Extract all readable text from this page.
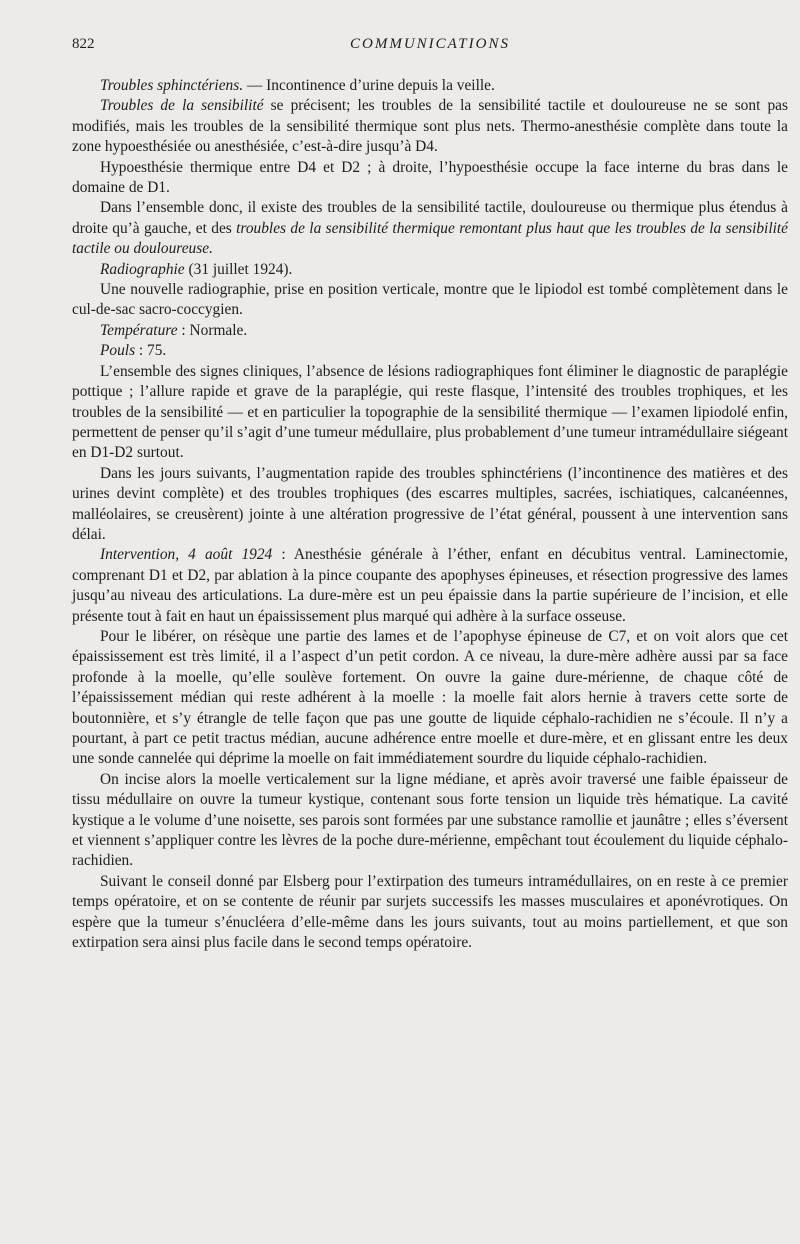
822	COMMUNICATIONS

Troubles sphinctériens. — Incontinence d’urine depuis la veille.

Troubles de la sensibilité se précisent; les troubles de la sensibilité tactile et douloureuse ne se sont pas modifiés, mais les troubles de la sensibilité thermique sont plus nets. Thermo-anesthésie complète dans toute la zone hypoesthésiée ou anesthésiée, c’est-à-dire jusqu’à D4.

Hypoesthésie thermique entre D4 et D2 ; à droite, l’hypoesthésie occupe la face interne du bras dans le domaine de D1.

Dans l’ensemble donc, il existe des troubles de la sensibilité tactile, douloureuse ou thermique plus étendus à droite qu’à gauche, et des troubles de la sensibilité thermique remontant plus haut que les troubles de la sensibilité tactile ou douloureuse.

Radiographie (31 juillet 1924).

Une nouvelle radiographie, prise en position verticale, montre que le lipiodol est tombé complètement dans le cul-de-sac sacro-coccygien.

Température : Normale.

Pouls : 75.

L’ensemble des signes cliniques, l’absence de lésions radiographiques font éliminer le diagnostic de paraplégie pottique ; l’allure rapide et grave de la paraplégie, qui reste flasque, l’intensité des troubles trophiques, et les troubles de la sensibilité — et en particulier la topographie de la sensibilité thermique — l’examen lipiodolé enfin, permettent de penser qu’il s’agit d’une tumeur médullaire, plus probablement d’une tumeur intramédullaire siégeant en D1-D2 surtout.

Dans les jours suivants, l’augmentation rapide des troubles sphinctériens (l’incontinence des matières et des urines devint complète) et des troubles trophiques (des escarres multiples, sacrées, ischiatiques, calcanéennes, malléolaires, se creusèrent) jointe à une altération progressive de l’état général, poussent à une intervention sans délai.

Intervention, 4 août 1924 : Anesthésie générale à l’éther, enfant en décubitus ventral. Laminectomie, comprenant D1 et D2, par ablation à la pince coupante des apophyses épineuses, et résection progressive des lames jusqu’au niveau des articulations. La dure-mère est un peu épaissie dans la partie supérieure de l’incision, et elle présente tout à fait en haut un épaississement plus marqué qui adhère à la surface osseuse.

Pour le libérer, on résèque une partie des lames et de l’apophyse épineuse de C7, et on voit alors que cet épaississement est très limité, il a l’aspect d’un petit cordon. A ce niveau, la dure-mère adhère aussi par sa face profonde à la moelle, qu’elle soulève fortement. On ouvre la gaine dure-mérienne, de chaque côté de l’épaississement médian qui reste adhérent à la moelle : la moelle fait alors hernie à travers cette sorte de boutonnière, et s’y étrangle de telle façon que pas une goutte de liquide céphalo-rachidien ne s’écoule. Il n’y a pourtant, à part ce petit tractus médian, aucune adhérence entre moelle et dure-mère, et en glissant entre les deux une sonde cannelée qui déprime la moelle on fait immédiatement sourdre du liquide céphalo-rachidien.

On incise alors la moelle verticalement sur la ligne médiane, et après avoir traversé une faible épaisseur de tissu médullaire on ouvre la tumeur kystique, contenant sous forte tension un liquide très hématique. La cavité kystique a le volume d’une noisette, ses parois sont formées par une substance ramollie et jaunâtre ; elles s’éversent et viennent s’appliquer contre les lèvres de la poche dure-mérienne, empêchant tout écoulement du liquide céphalo-rachidien.

Suivant le conseil donné par Elsberg pour l’extirpation des tumeurs intramédullaires, on en reste à ce premier temps opératoire, et on se contente de réunir par surjets successifs les masses musculaires et aponévrotiques. On espère que la tumeur s’énucléera d’elle-même dans les jours suivants, tout au moins partiellement, et que son extirpation sera ainsi plus facile dans le second temps opératoire.
